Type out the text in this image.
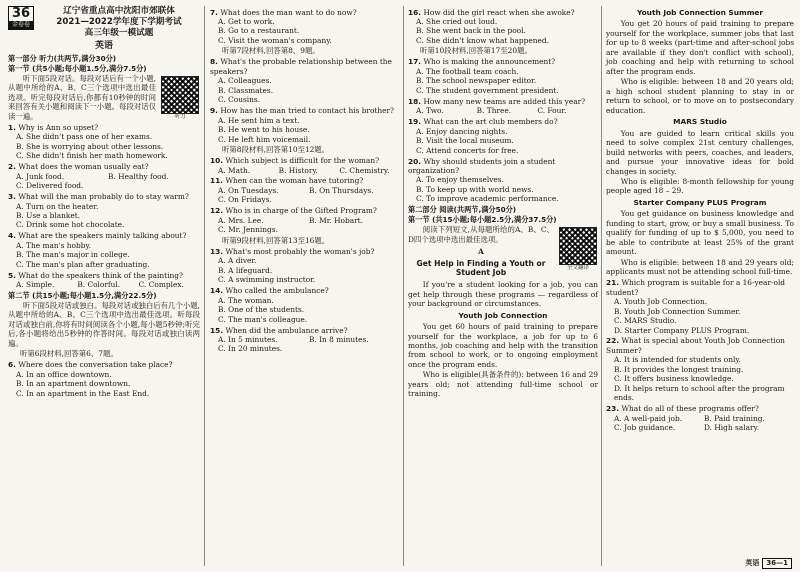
36
金卷卷
辽宁省重点高中沈阳市郊联体
2021—2022学年度下学期考试
高三年级一模试题
英语
第一部分 听力(共两节,满分30分)
第一节 (共5小题;每小题1.5分,满分7.5分)
听力
听下面5段对话。每段对话后有一个小题,从题中所给的A、B、C三个选项中选出最佳选项。听完每段对话后,你都有10秒钟的时间来回答有关小题和阅读下一小题。每段对话仅读一遍。
1. Why is Ann so upset?
A. She didn't pass one of her exams.
B. She is worrying about other lessons.
C. She didn't finish her math homework.
2. What does the woman usually eat?
A. Junk food.	B. Healthy food.
C. Delivered food.
3. What will the man probably do to stay warm?
A. Turn on the heater.
B. Use a blanket.
C. Drink some hot chocolate.
4. What are the speakers mainly talking about?
A. The man's hobby.
B. The man's major in college.
C. The man's plan after graduating.
5. What do the speakers think of the painting?
A. Simple.	B. Colorful.	C. Complex.
第二节 (共15小题;每小题1.5分,满分22.5分)
听下面5段对话或独白。每段对话或独白后有几个小题,从题中所给的A、B、C三个选项中选出最佳选项。听每段对话或独白前,你将有时间阅读各个小题,每小题5秒钟;听完后,各小题将给出5秒钟的作答时间。每段对话或独白读两遍。
听第6段材料,回答第6、7题。
6. Where does the conversation take place?
A. In an office downtown.
B. In an apartment downtown.
C. In an apartment in the East End.
7. What does the man want to do now?
A. Get to work.
B. Go to a restaurant.
C. Visit the woman's company.
听第7段材料,回答第8、9题。
8. What's the probable relationship between the speakers?
A. Colleagues.
B. Classmates.
C. Cousins.
9. How has the man tried to contact his brother?
A. He sent him a text.
B. He went to his house.
C. He left him voicemail.
听第8段材料,回答第10至12题。
10. Which subject is difficult for the woman?
A. Math.	B. History.	C. Chemistry.
11. When can the woman have tutoring?
A. On Tuesdays.	B. On Thursdays.
C. On Fridays.
12. Who is in charge of the Gifted Program?
A. Mrs. Lee.	B. Mr. Hobart.
C. Mr. Jennings.
听第9段材料,回答第13至16题。
13. What's most probably the woman's job?
A. A diver.
B. A lifeguard.
C. A swimming instructor.
14. Who called the ambulance?
A. The woman.
B. One of the students.
C. The man's colleague.
15. When did the ambulance arrive?
A. In 5 minutes.	B. In 8 minutes.
C. In 20 minutes.
16. How did the girl react when she awoke?
A. She cried out loud.
B. She went back in the pool.
C. She didn't know what happened.
听第10段材料,回答第17至20题。
17. Who is making the announcement?
A. The football team coach.
B. The school newspaper editor.
C. The student government president.
18. How many new teams are added this year?
A. Two.	B. Three.	C. Four.
19. What can the art club members do?
A. Enjoy dancing nights.
B. Visit the local museum.
C. Attend concerts for free.
20. Why should students join a student organization?
A. To enjoy themselves.
B. To keep up with world news.
C. To improve academic performance.
第二部分 阅读(共两节,满分50分)
第一节 (共15小题;每小题2.5分,满分37.5分)
全文翻译
阅读下列短文,从每题所给的A、B、C、D四个选项中选出最佳选项。
A
Get Help in Finding a Youth or Student Job
If you're a student looking for a job, you can get help through these programs — regardless of your background or circumstances.
Youth Job Connection
You get 60 hours of paid training to prepare yourself for the workplace, a job for up to 6 months, job coaching and help with the transition from school to work, or to ongoing employment once the program ends.
Who is eligible(具备条件的): between 16 and 29 years old; not attending full-time school or training.
Youth Job Connection Summer
You get 20 hours of paid training to prepare yourself for the workplace, summer jobs that last for up to 8 weeks (part-time and after-school jobs are available if they don't conflict with school), job coaching and help with returning to school after the program ends.
Who is eligible: between 18 and 20 years old; a high school student planning to stay in or return to school, or to move on to postsecondary education.
MARS Studio
You are guided to learn critical skills you need to solve complex 21st century challenges, build networks with peers, coaches, and leaders, and pursue your innovative ideas for bold changes in society.
Who is eligible: 8-month fellowship for young people aged 18 – 29.
Starter Company PLUS Program
You get guidance on business knowledge and funding to start, grow, or buy a small business. To qualify for funding of up to $ 5,000, you need to be able to contribute at least 25% of the grant amount.
Who is eligible: between 18 and 29 years old; applicants must not be attending school full-time.
21. Which program is suitable for a 16-year-old student?
A. Youth Job Connection.
B. Youth Job Connection Summer.
C. MARS Studio.
D. Starter Company PLUS Program.
22. What is special about Youth Job Connection Summer?
A. It is intended for students only.
B. It provides the longest training.
C. It offers business knowledge.
D. It helps return to school after the program ends.
23. What do all of these programs offer?
A. A well-paid job.	B. Paid training.
C. Job guidance.	D. High salary.
英语	36—1
